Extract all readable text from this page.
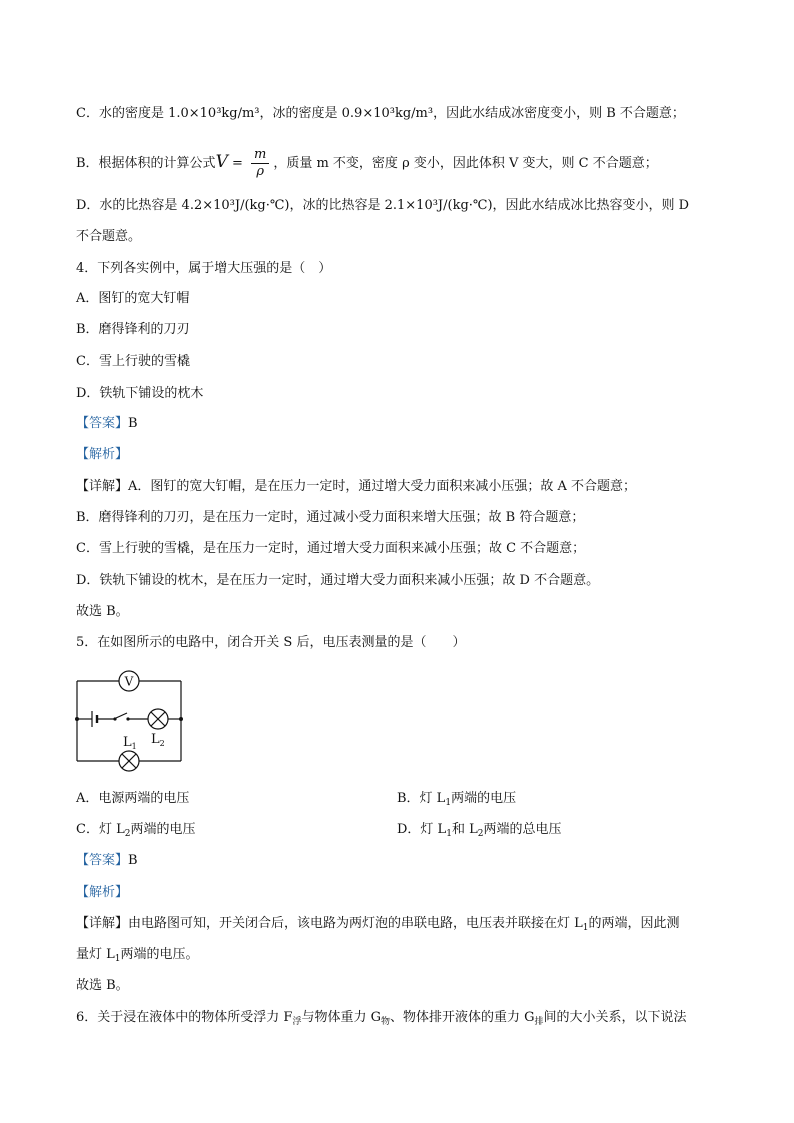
C．水的密度是 1.0×10³kg/m³，冰的密度是 0.9×10³kg/m³，因此水结成冰密度变小，则 B 不合题意；
B．根据体积的计算公式$V = \frac{m}{\rho}$ ，质量 m 不变，密度 ρ 变小，因此体积 V 变大，则 C 不合题意；
D．水的比热容是 4.2×10³J/(kg·℃)，冰的比热容是 2.1×10³J/(kg·℃)，因此水结成冰比热容变小，则 D
不合题意。
4．下列各实例中，属于增大压强的是（　）
A．图钉的宽大钉帽
B．磨得锋利的刀刃
C．雪上行驶的雪橇
D．铁轨下铺设的枕木
【答案】B
【解析】
【详解】A．图钉的宽大钉帽，是在压力一定时，通过增大受力面积来减小压强；故 A 不合题意；
B．磨得锋利的刀刃，是在压力一定时，通过减小受力面积来增大压强；故 B 符合题意；
C．雪上行驶的雪橇，是在压力一定时，通过增大受力面积来减小压强；故 C 不合题意；
D．铁轨下铺设的枕木，是在压力一定时，通过增大受力面积来减小压强；故 D 不合题意。
故选 B。
5．在如图所示的电路中，闭合开关 S 后，电压表测量的是（　　）
V
$L_1$ $L_2$
A．电源两端的电压	B．灯 $L_1$两端的电压
C．灯 $L_2$两端的电压	D．灯 $L_1$和 $L_2$两端的总电压
【答案】B
【解析】
【详解】由电路图可知，开关闭合后，该电路为两灯泡的串联电路，电压表并联接在灯 $L_1$的两端，因此测
量灯 $L_1$两端的电压。
故选 B。
6．关于浸在液体中的物体所受浮力 $F_浮$与物体重力 $G_物$、物体排开液体的重力 $G_排$间的大小关系，以下说法
